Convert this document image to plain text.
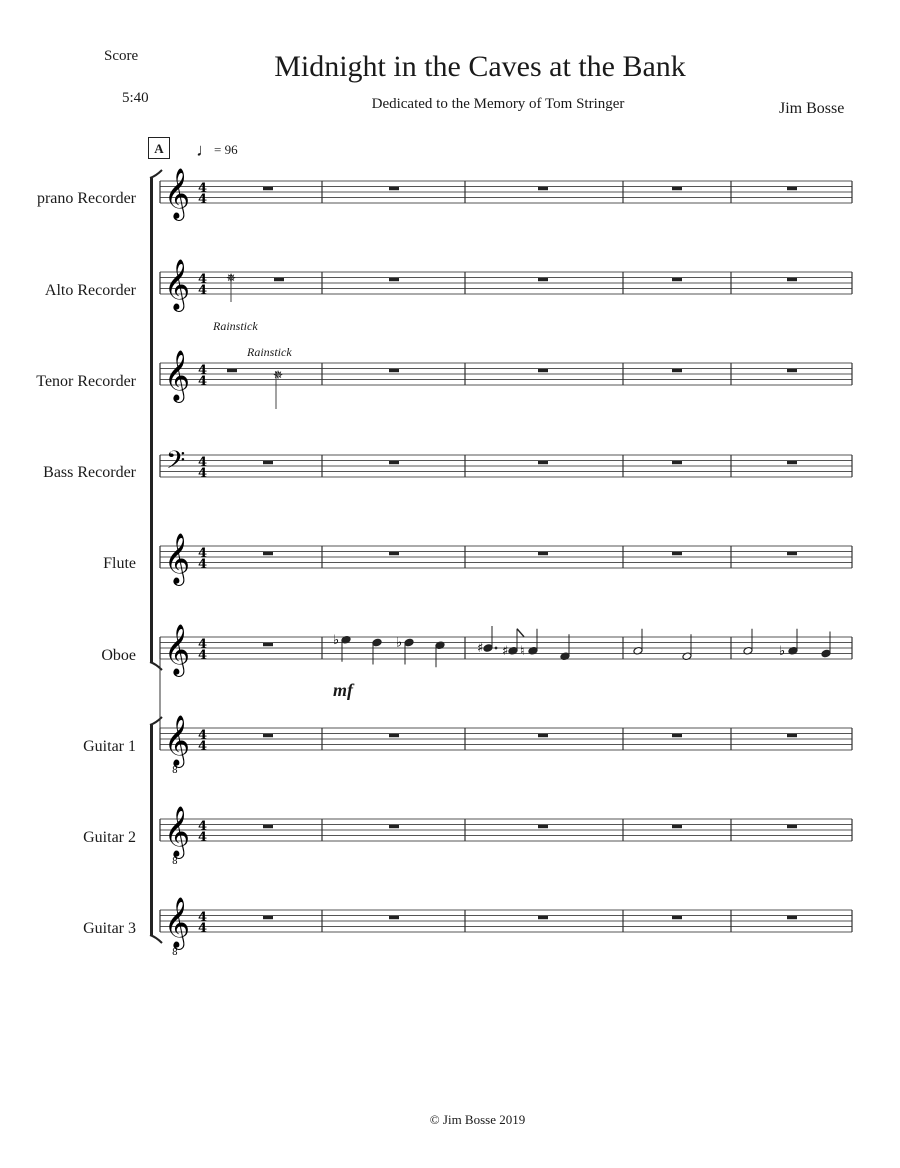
Score
5:40
Midnight in the Caves at the Bank
Dedicated to the Memory of Tom Stringer	Jim Bosse
A	♩= 96
prano Recorder
Alto Recorder
Tenor Recorder
Bass Recorder
Flute
Oboe
Guitar 1
Guitar 2
Guitar 3
𝄞 4
4
𝄞 4
4
✵
𝄞 4
4	✵
𝄢 4
4
𝄞 4
4
𝄞 4
4
𝄞
8
4
4
𝄞
8
4
4
𝄞
8
4
4
♭	♭	♯ ♯ ♮	♭
Rainstick
Rainstick
mf
© Jim Bosse 2019
